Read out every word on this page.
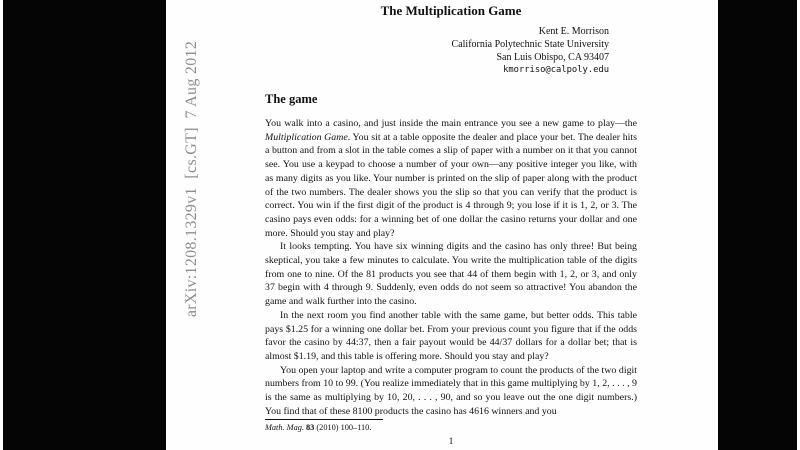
arXiv:1208.1329v1  [cs.GT]  7 Aug 2012
The Multiplication Game
Kent E. Morrison
California Polytechnic State University
San Luis Obispo, CA 93407
kmorriso@calpoly.edu
The game

You walk into a casino, and just inside the main entrance you see a new game to play—the Multiplication Game. You sit at a table opposite the dealer and place your bet. The dealer hits a button and from a slot in the table comes a slip of paper with a number on it that you cannot see. You use a keypad to choose a number of your own—any positive integer you like, with as many digits as you like. Your number is printed on the slip of paper along with the product of the two numbers. The dealer shows you the slip so that you can verify that the product is correct. You win if the first digit of the product is 4 through 9; you lose if it is 1, 2, or 3. The casino pays even odds: for a winning bet of one dollar the casino returns your dollar and one more. Should you stay and play?

It looks tempting. You have six winning digits and the casino has only three! But being skeptical, you take a few minutes to calculate. You write the multiplication table of the digits from one to nine. Of the 81 products you see that 44 of them begin with 1, 2, or 3, and only 37 begin with 4 through 9. Suddenly, even odds do not seem so attractive! You abandon the game and walk further into the casino.

In the next room you find another table with the same game, but better odds. This table pays $1.25 for a winning one dollar bet. From your previous count you figure that if the odds favor the casino by 44:37, then a fair payout would be 44/37 dollars for a dollar bet; that is almost $1.19, and this table is offering more. Should you stay and play?

You open your laptop and write a computer program to count the products of the two digit numbers from 10 to 99. (You realize immediately that in this game multiplying by 1, 2, . . . , 9 is the same as multiplying by 10, 20, . . . , 90, and so you leave out the one digit numbers.) You find that of these 8100 products the casino has 4616 winners and you

Math. Mag. 83 (2010) 100–110.
1
